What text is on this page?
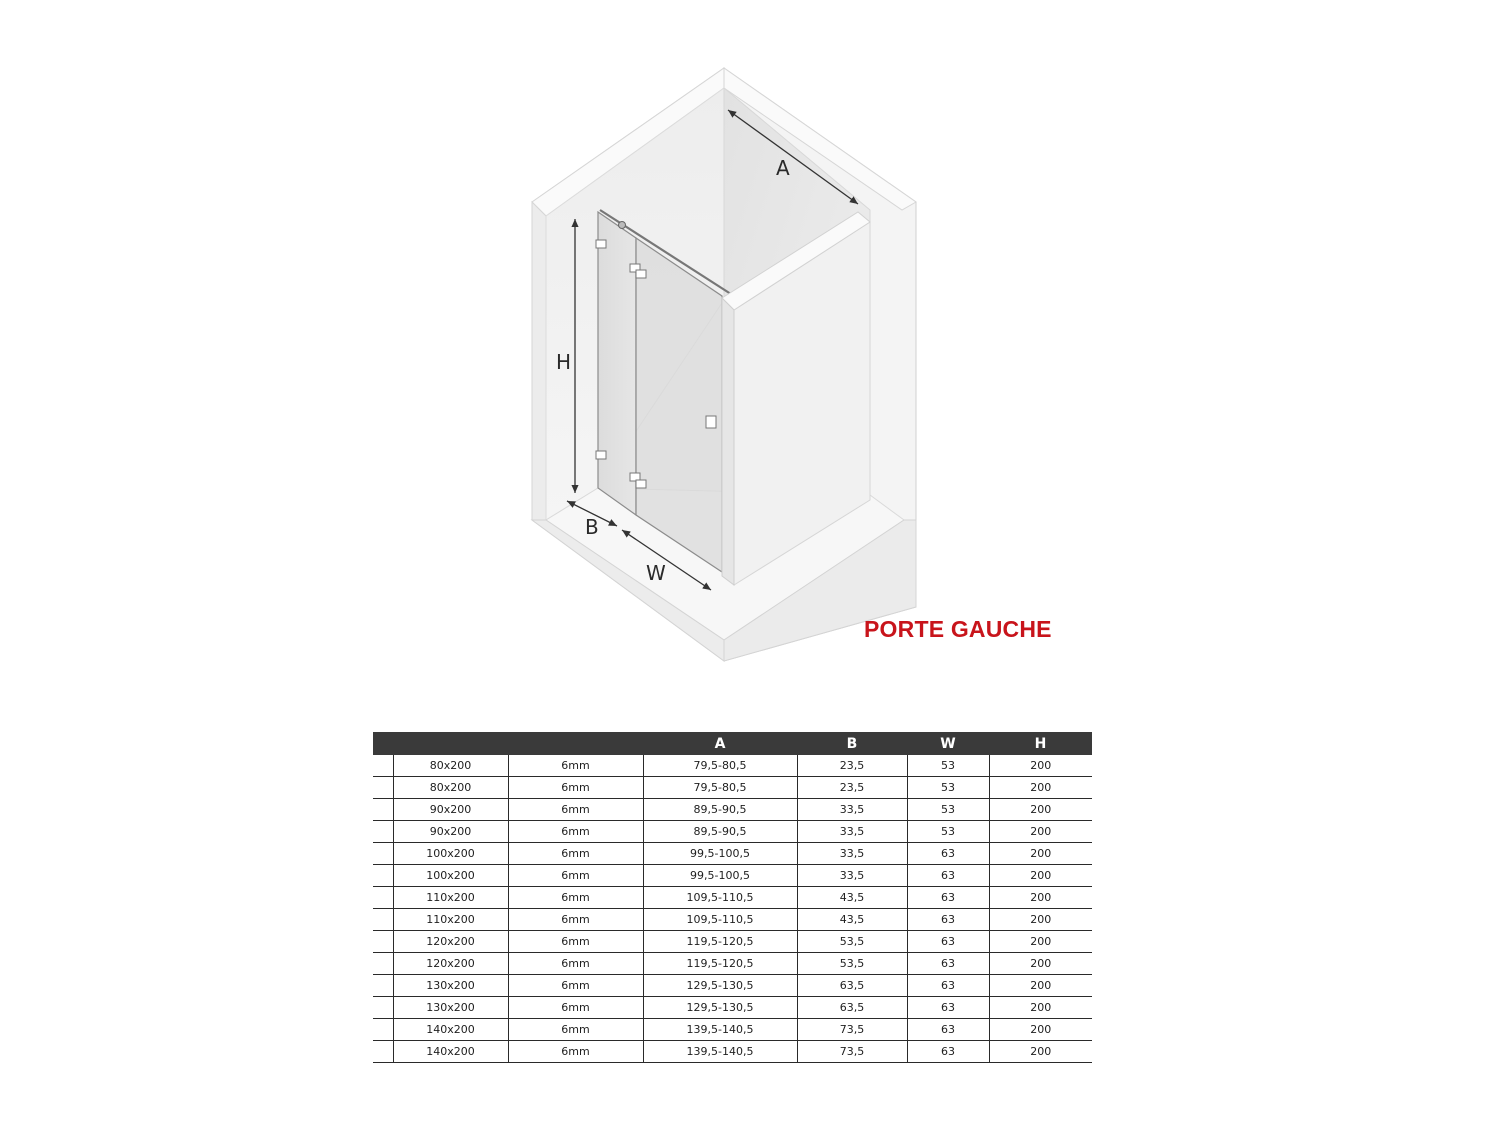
A
H
B
W
PORTE GAUCHE
			A	B	W	H
	80x200	6mm	79,5-80,5	23,5	53	200
	80x200	6mm	79,5-80,5	23,5	53	200
	90x200	6mm	89,5-90,5	33,5	53	200
	90x200	6mm	89,5-90,5	33,5	53	200
	100x200	6mm	99,5-100,5	33,5	63	200
	100x200	6mm	99,5-100,5	33,5	63	200
	110x200	6mm	109,5-110,5	43,5	63	200
	110x200	6mm	109,5-110,5	43,5	63	200
	120x200	6mm	119,5-120,5	53,5	63	200
	120x200	6mm	119,5-120,5	53,5	63	200
	130x200	6mm	129,5-130,5	63,5	63	200
	130x200	6mm	129,5-130,5	63,5	63	200
	140x200	6mm	139,5-140,5	73,5	63	200
	140x200	6mm	139,5-140,5	73,5	63	200
